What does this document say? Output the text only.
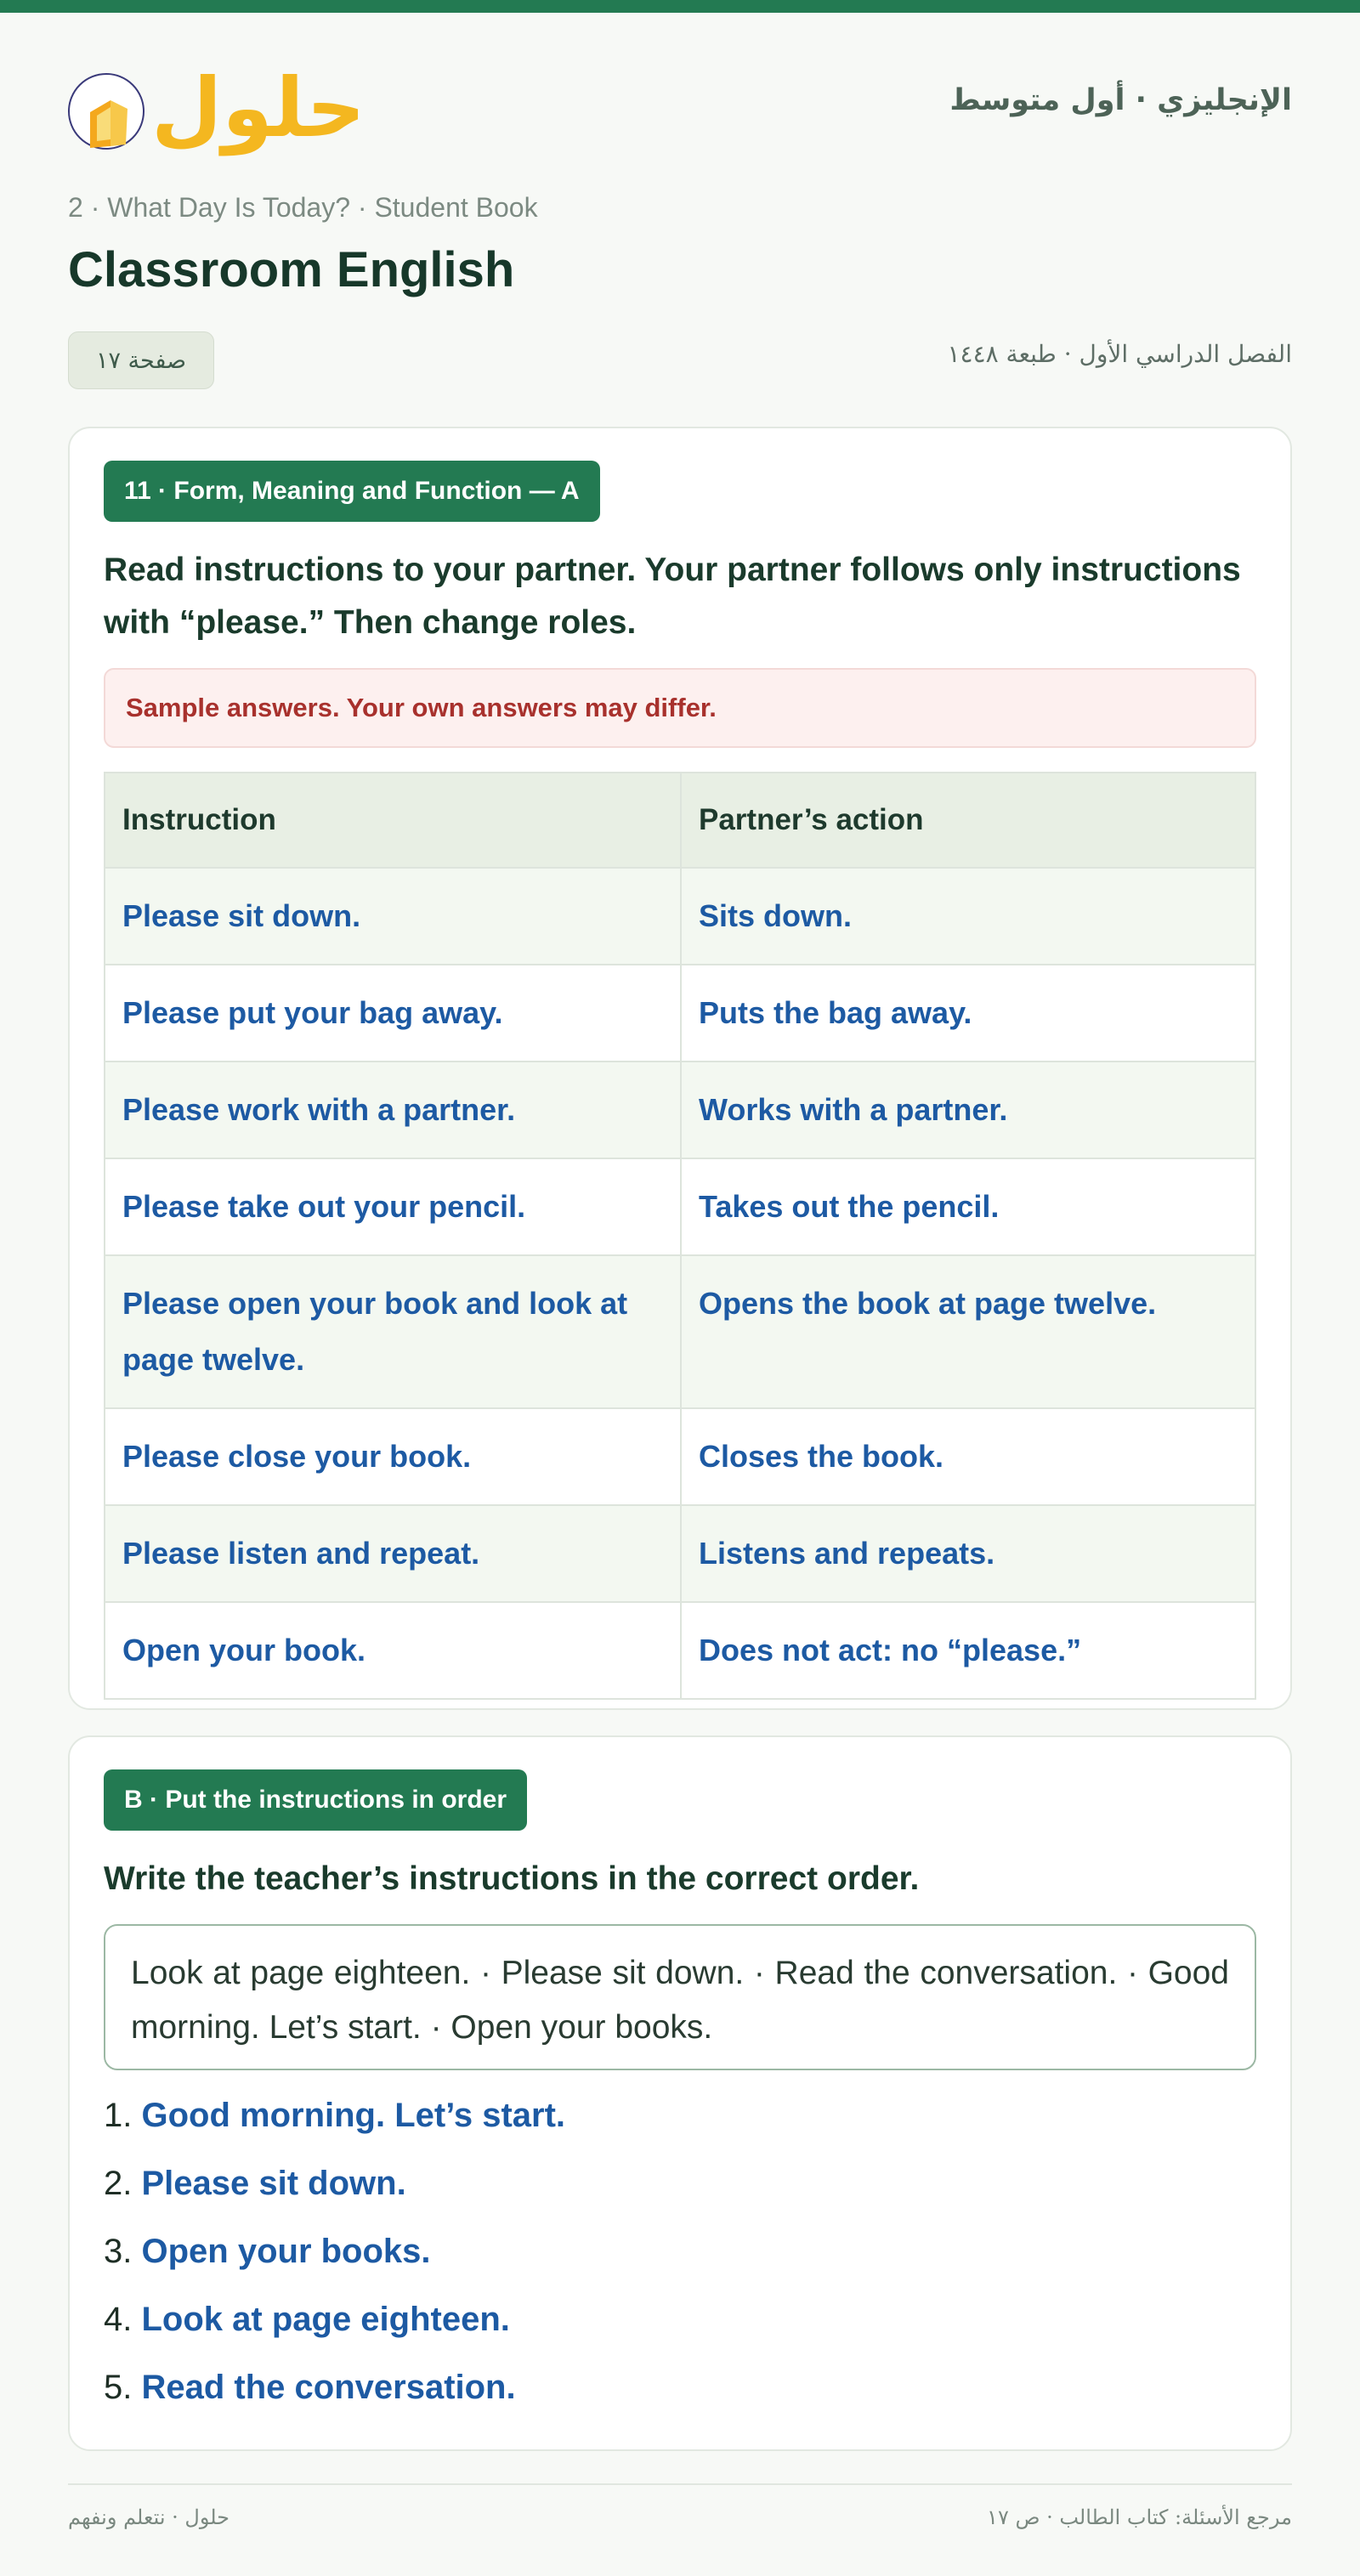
حلول	الإنجليزي · أول متوسط
2 · What Day Is Today? · Student Book
Classroom English
صفحة ١٧	الفصل الدراسي الأول · طبعة ١٤٤٨
11 · Form, Meaning and Function — A
Read instructions to your partner. Your partner follows only instructions with “please.” Then change roles.
Sample answers. Your own answers may differ.
Instruction	Partner’s action
Please sit down.	Sits down.
Please put your bag away.	Puts the bag away.
Please work with a partner.	Works with a partner.
Please take out your pencil.	Takes out the pencil.
Please open your book and look at page twelve.	Opens the book at page twelve.
Please close your book.	Closes the book.
Please listen and repeat.	Listens and repeats.
Open your book.	Does not act: no “please.”
B · Put the instructions in order
Write the teacher’s instructions in the correct order.
Look at page eighteen. · Please sit down. · Read the conversation. · Good morning. Let’s start. · Open your books.
1. Good morning. Let’s start.
2. Please sit down.
3. Open your books.
4. Look at page eighteen.
5. Read the conversation.
حلول · نتعلم ونفهم	مرجع الأسئلة: كتاب الطالب · ص ١٧
